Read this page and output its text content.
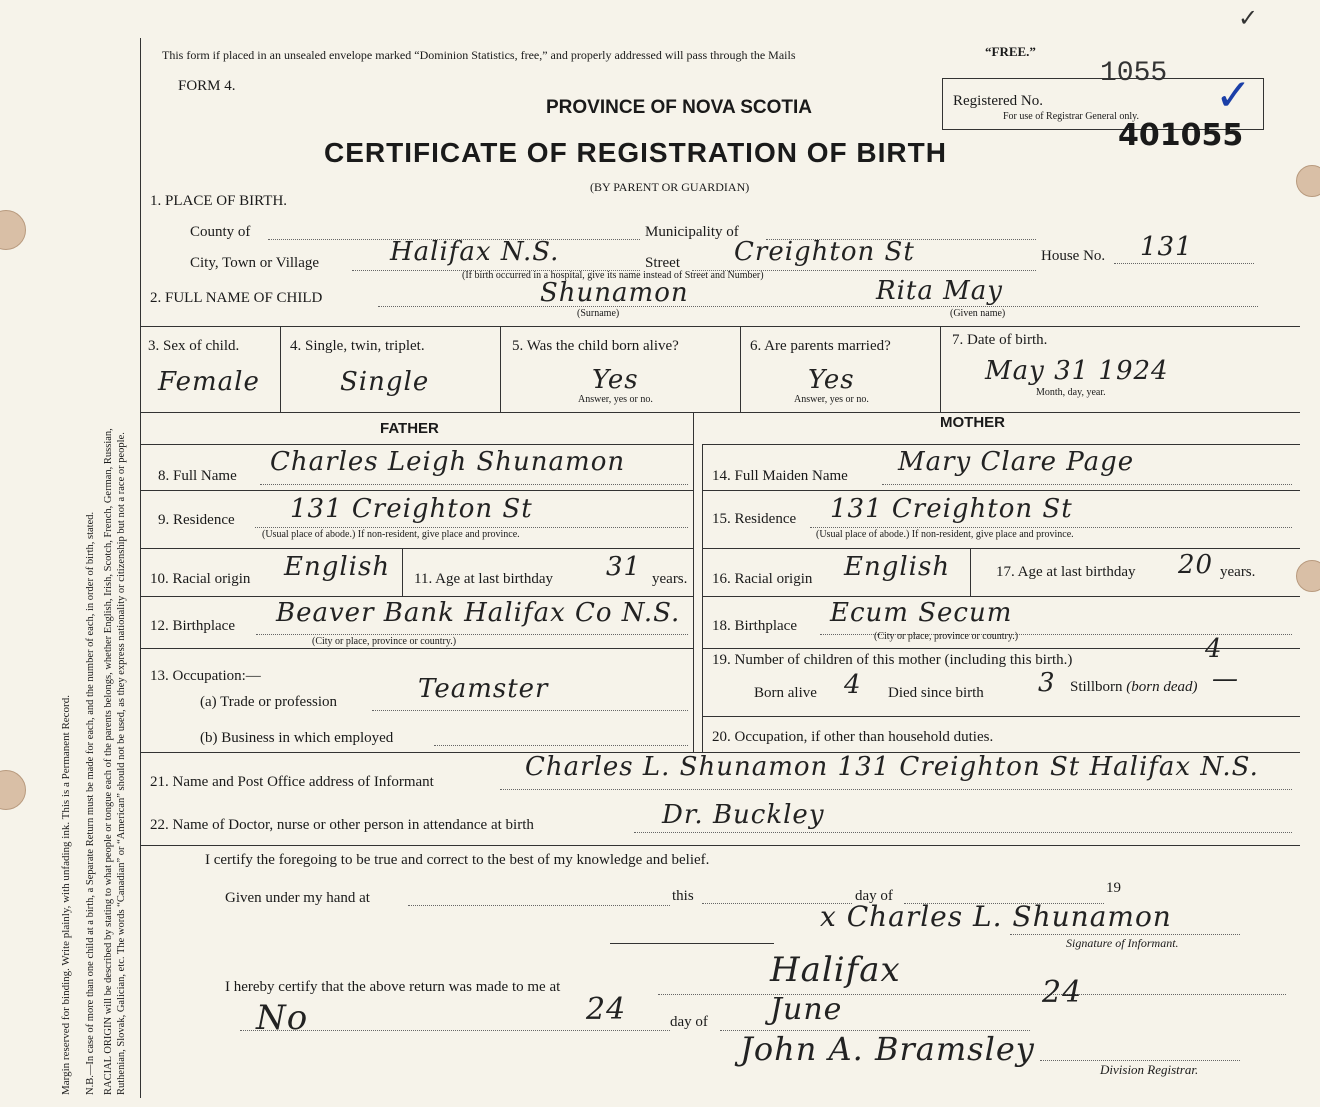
Margin reserved for binding. Write plainly, with unfading ink. This is a Permanent Record. N.B.—In case of more than one child at a birth, a Separate Return must be made for each, and the number of each, in order of birth, stated. RACIAL ORIGIN will be described by stating to what people or tongue each of the parents belongs, whether English, Irish, Scotch, French, German, Russian, Ruthenian, Slovak, Galician, etc. The words “Canadian” or “American” should not be used, as they express nationality or citizenship but not a race or people.
This form if placed in an unsealed envelope marked “Dominion Statistics, free,” and properly addressed will pass through the Mails	“FREE.”
FORM 4.
PROVINCE OF NOVA SCOTIA
CERTIFICATE OF REGISTRATION OF BIRTH
(BY PARENT OR GUARDIAN)
Registered No.
For use of Registrar General only.
1055
401055
✓
✓
1. PLACE OF BIRTH.
County of	Municipality of
City, Town or Village	Halifax N.S.	Street Creighton St
(If birth occurred in a hospital, give its name instead of Street and Number)
House No. 131
2. FULL NAME OF CHILD	Shunamon
(Surname)
Rita May
(Given name)
3. Sex of child.
Female
4. Single, twin, triplet.
Single
5. Was the child born alive?
Yes
Answer, yes or no.
6. Are parents married?
Yes
Answer, yes or no.
7. Date of birth.
May 31 1924
Month, day, year.
FATHER	MOTHER
8. Full Name Charles Leigh Shunamon	14. Full Maiden Name Mary Clare Page
9. Residence 131 Creighton St
(Usual place of abode.) If non-resident, give place and province.
15. Residence 131 Creighton St
(Usual place of abode.) If non-resident, give place and province.
10. Racial origin English 11. Age at last birthday 31 years. 16. Racial origin English	17. Age at last birthday 20 years.
12. Birthplace Beaver Bank Halifax Co N.S.
(City or place, province or country.)
18. Birthplace Ecum Secum
(City or place, province or country.)
13. Occupation:—
(a) Trade or profession	Teamster
(b) Business in which employed
19. Number of children of this mother (including this birth.)	4
Born alive 4 Died since birth 3 Stillborn (born dead) —
20. Occupation, if other than household duties.
21. Name and Post Office address of Informant	Charles L. Shunamon 131 Creighton St Halifax N.S.
22. Name of Doctor, nurse or other person in attendance at birth	Dr. Buckley
I certify the foregoing to be true and correct to the best of my knowledge and belief.
Given under my hand at	this	day of	19
x Charles L. Shunamon
Signature of Informant.
I hereby certify that the above return was made to me at	Halifax
No	24	day of June	24
John A. Bramsley
Division Registrar.
